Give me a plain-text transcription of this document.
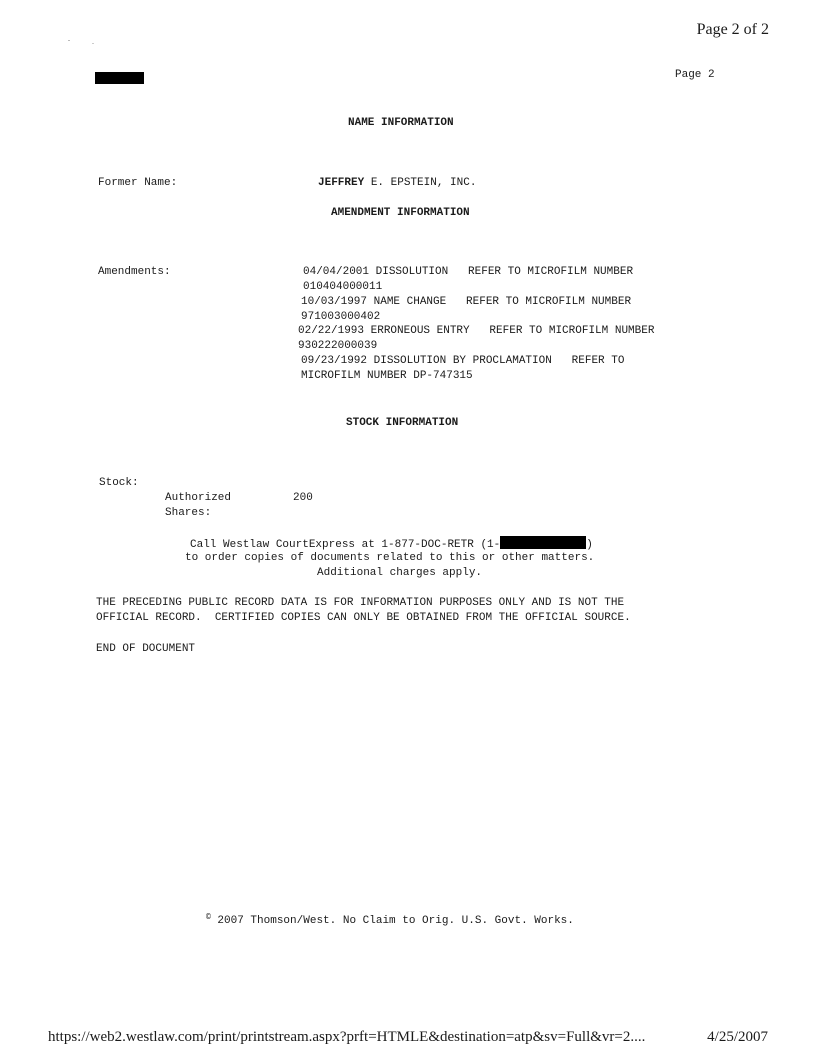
Page 2 of 2
Page 2
NAME INFORMATION
Former Name:	JEFFREY E. EPSTEIN, INC.
AMENDMENT INFORMATION
Amendments:	04/04/2001 DISSOLUTION   REFER TO MICROFILM NUMBER
010404000011
10/03/1997 NAME CHANGE   REFER TO MICROFILM NUMBER
971003000402
02/22/1993 ERRONEOUS ENTRY   REFER TO MICROFILM NUMBER
930222000039
09/23/1992 DISSOLUTION BY PROCLAMATION   REFER TO
MICROFILM NUMBER DP-747315
STOCK INFORMATION
Stock:
Authorized
Shares:
200
Call Westlaw CourtExpress at 1-877-DOC-RETR (1-	)
to order copies of documents related to this or other matters.
Additional charges apply.
THE PRECEDING PUBLIC RECORD DATA IS FOR INFORMATION PURPOSES ONLY AND IS NOT THE
OFFICIAL RECORD.  CERTIFIED COPIES CAN ONLY BE OBTAINED FROM THE OFFICIAL SOURCE.
END OF DOCUMENT
© 2007 Thomson/West. No Claim to Orig. U.S. Govt. Works.
https://web2.westlaw.com/print/printstream.aspx?prft=HTMLE&destination=atp&sv=Full&vr=2....	4/25/2007
